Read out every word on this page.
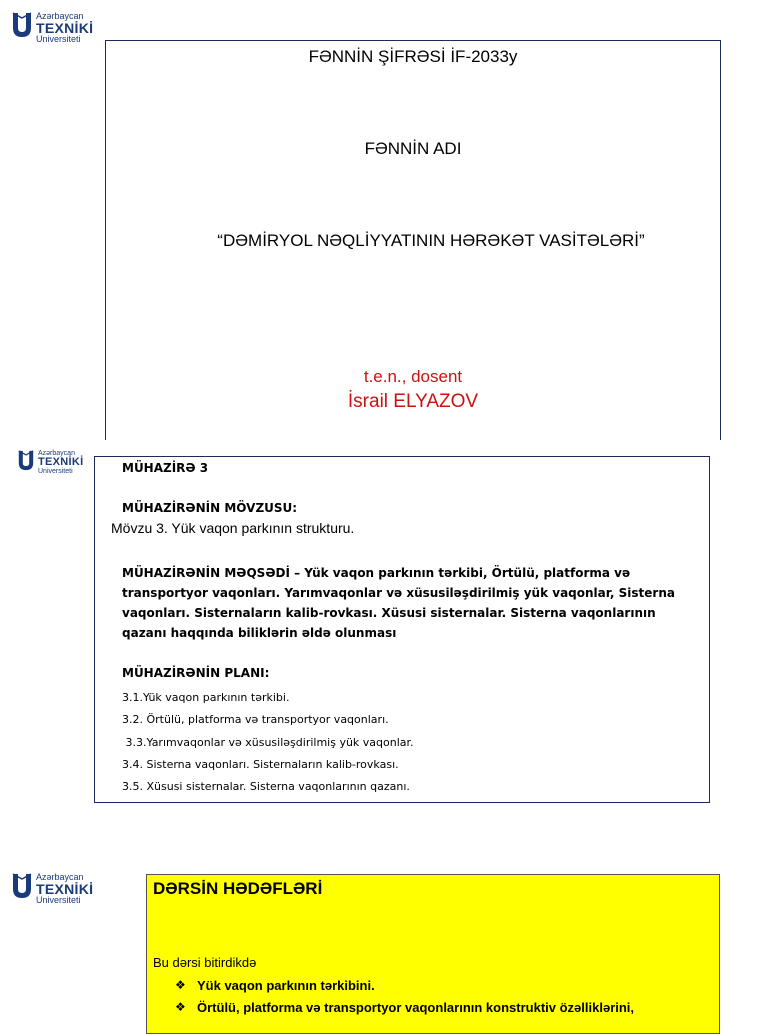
Azərbaycan
TEXNİKİ
Universiteti
FƏNNİN ŞİFRƏSİ İF-2033y
FƏNNİN ADI
“DƏMİRYOL NƏQLİYYATININ HƏRƏKƏT VASİTƏLƏRİ”
t.e.n., dosent
İsrail ELYAZOV
Azərbaycan
TEXNİKİ
Universiteti	MÜHAZİRƏ 3
MÜHAZİRƏNİN MÖVZUSU:
Mövzu 3. Yük vaqon parkının strukturu.
MÜHAZİRƏNİN MƏQSƏDİ – Yük vaqon parkının tərkibi, Örtülü, platforma və transportyor vaqonları. Yarımvaqonlar və xüsusiləşdirilmiş yük vaqonlar, Sisterna vaqonları. Sisternaların kalib-rovkası. Xüsusi sisternalar. Sisterna vaqonlarının qazanı haqqında biliklərin əldə olunması
MÜHAZİRƏNİN PLANI:
3.1.Yük vaqon parkının tərkibi.
3.2. Örtülü, platforma və transportyor vaqonları.
3.3.Yarımvaqonlar və xüsusiləşdirilmiş yük vaqonlar.
3.4. Sisterna vaqonları. Sisternaların kalib-rovkası.
3.5. Xüsusi sisternalar. Sisterna vaqonlarının qazanı.
Azərbaycan
TEXNİKİ
Universiteti
DƏRSİN HƏDƏFLƏRİ
Bu dərsi bitirdikdə
❖ Yük vaqon parkının tərkibini.
❖ Örtülü, platforma və transportyor vaqonlarının konstruktiv özəlliklərini,
